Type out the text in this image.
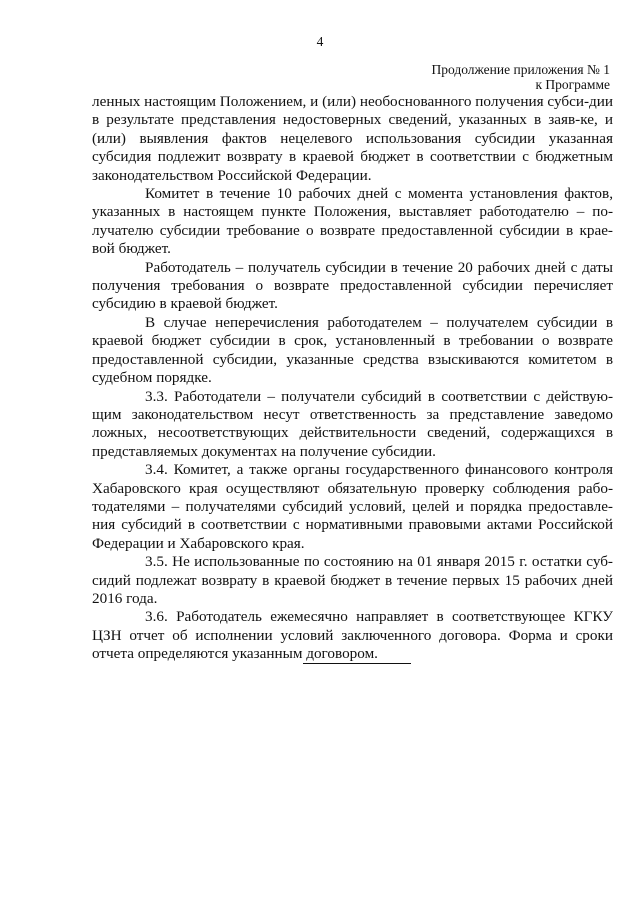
4
Продолжение приложения № 1
к Программе

ленных настоящим Положением, и (или) необоснованного получения субси-дии в результате представления недостоверных сведений, указанных в заяв-ке, и (или) выявления фактов нецелевого использования субсидии указанная субсидия подлежит возврату в краевой бюджет в соответствии с бюджетным законодательством Российской Федерации.

Комитет в течение 10 рабочих дней с момента установления фактов, указанных в настоящем пункте Положения, выставляет работодателю – по-лучателю субсидии требование о возврате предоставленной субсидии в крае-вой бюджет.

Работодатель – получатель субсидии в течение 20 рабочих дней с даты получения требования о возврате предоставленной субсидии перечисляет субсидию в краевой бюджет.

В случае неперечисления работодателем – получателем субсидии в краевой бюджет субсидии в срок, установленный в требовании о возврате предоставленной субсидии, указанные средства взыскиваются комитетом в судебном порядке.

3.3. Работодатели – получатели субсидий в соответствии с действую-щим законодательством несут ответственность за представление заведомо ложных, несоответствующих действительности сведений, содержащихся в представляемых документах на получение субсидии.

3.4. Комитет, а также органы государственного финансового контроля Хабаровского края осуществляют обязательную проверку соблюдения рабо-тодателями – получателями субсидий условий, целей и порядка предоставле-ния субсидий в соответствии с нормативными правовыми актами Российской Федерации и Хабаровского края.

3.5. Не использованные по состоянию на 01 января 2015 г. остатки суб-сидий подлежат возврату в краевой бюджет в течение первых 15 рабочих дней 2016 года.

3.6. Работодатель ежемесячно направляет в соответствующее КГКУ ЦЗН отчет об исполнении условий заключенного договора. Форма и сроки отчета определяются указанным договором.
